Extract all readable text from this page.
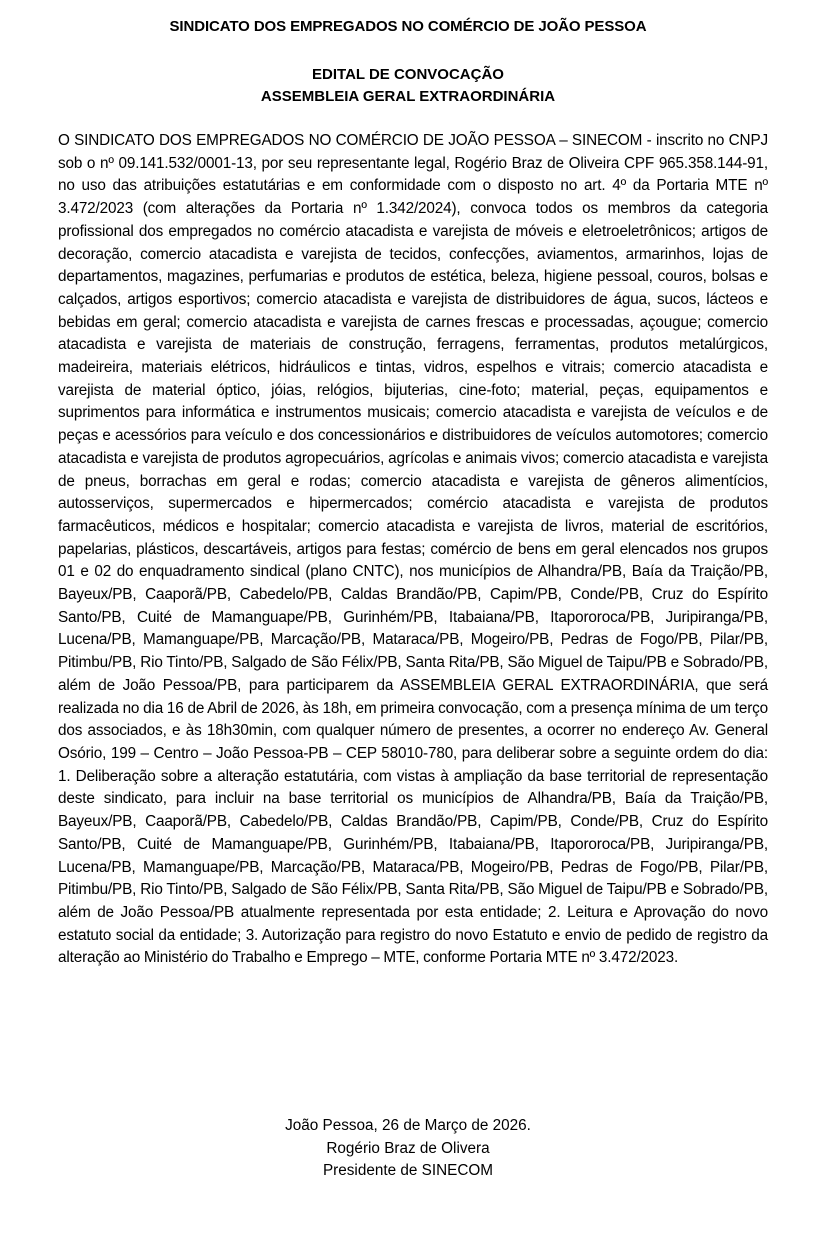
SINDICATO DOS EMPREGADOS NO COMÉRCIO DE JOÃO PESSOA
EDITAL DE CONVOCAÇÃO
ASSEMBLEIA GERAL EXTRAORDINÁRIA
O SINDICATO DOS EMPREGADOS NO COMÉRCIO DE JOÃO PESSOA – SINECOM - inscrito no CNPJ sob o nº 09.141.532/0001-13, por seu representante legal, Rogério Braz de Oliveira CPF 965.358.144-91, no uso das atribuições estatutárias e em conformidade com o disposto no art. 4º da Portaria MTE nº 3.472/2023 (com alterações da Portaria nº 1.342/2024), convoca todos os membros da categoria profissional dos empregados no comércio atacadista e varejista de móveis e eletroeletrônicos; artigos de decoração, comercio atacadista e varejista de tecidos, confecções, aviamentos, armarinhos, lojas de departamentos, magazines, perfumarias e produtos de estética, beleza, higiene pessoal, couros, bolsas e calçados, artigos esportivos; comercio atacadista e varejista de distribuidores de água, sucos, lácteos e bebidas em geral; comercio atacadista e varejista de carnes frescas e processadas, açougue; comercio atacadista e varejista de materiais de construção, ferragens, ferramentas, produtos metalúrgicos, madeireira, materiais elétricos, hidráulicos e tintas, vidros, espelhos e vitrais; comercio atacadista e varejista de material óptico, jóias, relógios, bijuterias, cine-foto; material, peças, equipamentos e suprimentos para informática e instrumentos musicais; comercio atacadista e varejista de veículos e de peças e acessórios para veículo e dos concessionários e distribuidores de veículos automotores; comercio atacadista e varejista de produtos agropecuários, agrícolas e animais vivos; comercio atacadista e varejista de pneus, borrachas em geral e rodas; comercio atacadista e varejista de gêneros alimentícios, autosserviços, supermercados e hipermercados; comércio atacadista e varejista de produtos farmacêuticos, médicos e hospitalar; comercio atacadista e varejista de livros, material de escritórios, papelarias, plásticos, descartáveis, artigos para festas; comércio de bens em geral elencados nos grupos 01 e 02 do enquadramento sindical (plano CNTC), nos municípios de Alhandra/PB, Baía da Traição/PB, Bayeux/PB, Caaporã/PB, Cabedelo/PB, Caldas Brandão/PB, Capim/PB, Conde/PB, Cruz do Espírito Santo/PB, Cuité de Mamanguape/PB, Gurinhém/PB, Itabaiana/PB, Itapororoca/PB, Juripiranga/PB, Lucena/PB, Mamanguape/PB, Marcação/PB, Mataraca/PB, Mogeiro/PB, Pedras de Fogo/PB, Pilar/PB, Pitimbu/PB, Rio Tinto/PB, Salgado de São Félix/PB, Santa Rita/PB, São Miguel de Taipu/PB e Sobrado/PB, além de João Pessoa/PB, para participarem da ASSEMBLEIA GERAL EXTRAORDINÁRIA, que será realizada no dia 16 de Abril de 2026, às 18h, em primeira convocação, com a presença mínima de um terço dos associados, e às 18h30min, com qualquer número de presentes, a ocorrer no endereço Av. General Osório, 199 – Centro – João Pessoa-PB – CEP 58010-780, para deliberar sobre a seguinte ordem do dia: 1. Deliberação sobre a alteração estatutária, com vistas à ampliação da base territorial de representação deste sindicato, para incluir na base territorial os municípios de Alhandra/PB, Baía da Traição/PB, Bayeux/PB, Caaporã/PB, Cabedelo/PB, Caldas Brandão/PB, Capim/PB, Conde/PB, Cruz do Espírito Santo/PB, Cuité de Mamanguape/PB, Gurinhém/PB, Itabaiana/PB, Itapororoca/PB, Juripiranga/PB, Lucena/PB, Mamanguape/PB, Marcação/PB, Mataraca/PB, Mogeiro/PB, Pedras de Fogo/PB, Pilar/PB, Pitimbu/PB, Rio Tinto/PB, Salgado de São Félix/PB, Santa Rita/PB, São Miguel de Taipu/PB e Sobrado/PB, além de João Pessoa/PB atualmente representada por esta entidade; 2. Leitura e Aprovação do novo estatuto social da entidade; 3. Autorização para registro do novo Estatuto e envio de pedido de registro da alteração ao Ministério do Trabalho e Emprego – MTE, conforme Portaria MTE nº 3.472/2023.
João Pessoa, 26 de Março de 2026.
Rogério Braz de Olivera
Presidente de SINECOM
